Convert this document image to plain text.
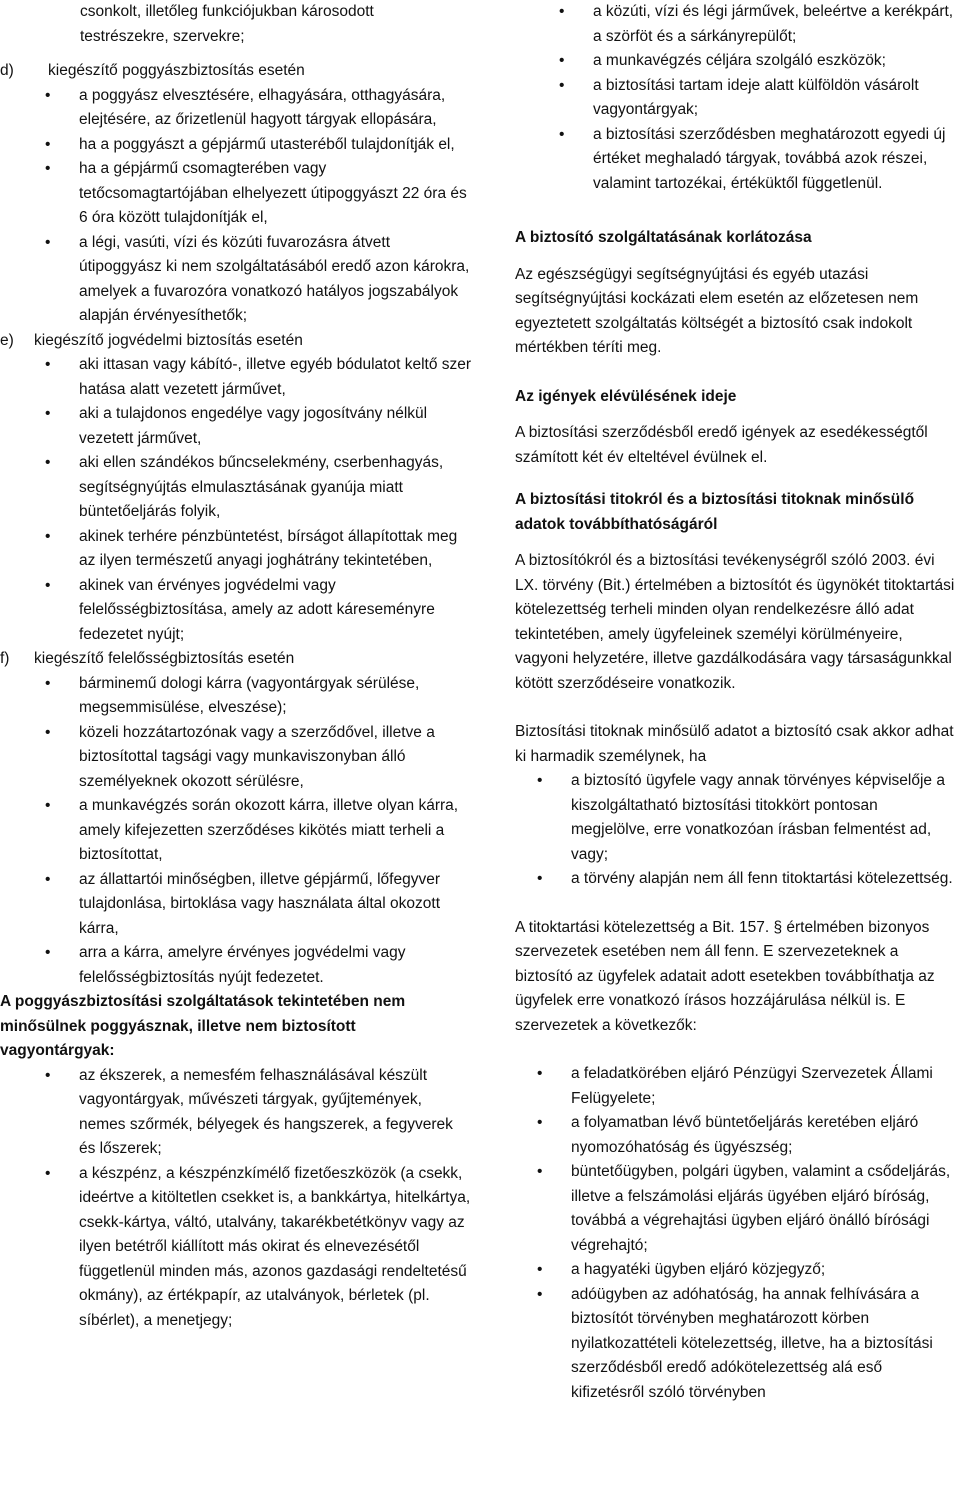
csonkolt, illetőleg funkciójukban károsodott
testrészekre, szervekre;
d)	kiegészítő poggyászbiztosítás esetén
• a poggyász elvesztésére, elhagyására, otthagyására, elejtésére, az őrizetlenül hagyott tárgyak ellopására,
• ha a poggyászt a gépjármű utasteréből tulajdonítják el,
• ha a gépjármű csomagterében vagy tetőcsomagtartójában elhelyezett útipoggyászt 22 óra és 6 óra között tulajdonítják el,
• a légi, vasúti, vízi és közúti fuvarozásra átvett útipoggyász ki nem szolgáltatásából eredő azon károkra, amelyek a fuvarozóra vonatkozó hatályos jogszabályok alapján érvényesíthetők;
e)	kiegészítő jogvédelmi biztosítás esetén
• aki ittasan vagy kábító-, illetve egyéb bódulatot keltő szer hatása alatt vezetett járművet,
• aki a tulajdonos engedélye vagy jogosítvány nélkül vezetett járművet,
• aki ellen szándékos bűncselekmény, cserbenhagyás, segítségnyújtás elmulasztásának gyanúja miatt büntetőeljárás folyik,
• akinek terhére pénzbüntetést, bírságot állapítottak meg az ilyen természetű anyagi joghátrány tekintetében,
• akinek van érvényes jogvédelmi vagy felelősségbiztosítása, amely az adott káreseményre fedezetet nyújt;
f)	kiegészítő felelősségbiztosítás esetén
• bárminemű dologi kárra (vagyontárgyak sérülése, megsemmisülése, elveszése);
• közeli hozzátartozónak vagy a szerződővel, illetve a biztosítottal tagsági vagy munkaviszonyban álló személyeknek okozott sérülésre,
• a munkavégzés során okozott kárra, illetve olyan kárra, amely kifejezetten szerződéses kikötés miatt terheli a biztosítottat,
• az állattartói minőségben, illetve gépjármű, lőfegyver tulajdonlása, birtoklása vagy használata által okozott kárra,
• arra a kárra, amelyre érvényes jogvédelmi vagy felelősségbiztosítás nyújt fedezetet.
A poggyászbiztosítási szolgáltatások tekintetében nem minősülnek poggyásznak, illetve nem biztosított vagyontárgyak:
• az ékszerek, a nemesfém felhasználásával készült vagyontárgyak, művészeti tárgyak, gyűjtemények, nemes szőrmék, bélyegek és hangszerek, a fegyverek és lőszerek;
• a készpénz, a készpénzkímélő fizetőeszközök (a csekk, ideértve a kitöltetlen csekket is, a bankkártya, hitelkártya, csekk-kártya, váltó, utalvány, takarékbetétkönyv vagy az ilyen betétről kiállított más okirat és elnevezésétől függetlenül minden más, azonos gazdasági rendeltetésű okmány), az értékpapír, az utalványok, bérletek (pl. síbérlet), a menetjegy;
• a közúti, vízi és légi járművek, beleértve a kerékpárt, a szörföt és a sárkányrepülőt;
• a munkavégzés céljára szolgáló eszközök;
• a biztosítási tartam ideje alatt külföldön vásárolt vagyontárgyak;
• a biztosítási szerződésben meghatározott egyedi új értéket meghaladó tárgyak, továbbá azok részei, valamint tartozékai, értéküktől függetlenül.
A biztosító szolgáltatásának korlátozása

Az egészségügyi segítségnyújtási és egyéb utazási segítségnyújtási kockázati elem esetén az előzetesen nem egyeztetett szolgáltatás költségét a biztosító csak indokolt mértékben téríti meg.

Az igények elévülésének ideje

A biztosítási szerződésből eredő igények az esedékességtől számított két év elteltével évülnek el.

A biztosítási titokról és a biztosítási titoknak minősülő adatok továbbíthatóságáról

A biztosítókról és a biztosítási tevékenységről szóló 2003. évi LX. törvény (Bit.) értelmében a biztosítót és ügynökét titoktartási kötelezettség terheli minden olyan rendelkezésre álló adat tekintetében, amely ügyfeleinek személyi körülményeire, vagyoni helyzetére, illetve gazdálkodására vagy társaságunkkal kötött szerződéseire vonatkozik.

Biztosítási titoknak minősülő adatot a biztosító csak akkor adhat ki harmadik személynek, ha

• a biztosító ügyfele vagy annak törvényes képviselője a kiszolgáltatható biztosítási titokkört pontosan megjelölve, erre vonatkozóan írásban felmentést ad, vagy;
• a törvény alapján nem áll fenn titoktartási kötelezettség.

A titoktartási kötelezettség a Bit. 157. § értelmében bizonyos szervezetek esetében nem áll fenn. E szervezeteknek a biztosító az ügyfelek adatait adott esetekben továbbíthatja az ügyfelek erre vonatkozó írásos hozzájárulása nélkül is. E szervezetek a következők:

• a feladatkörében eljáró Pénzügyi Szervezetek Állami Felügyelete;
• a folyamatban lévő büntetőeljárás keretében eljáró nyomozóhatóság és ügyészség;
• büntetőügyben, polgári ügyben, valamint a csődeljárás, illetve a felszámolási eljárás ügyében eljáró bíróság, továbbá a végrehajtási ügyben eljáró önálló bírósági végrehajtó;
• a hagyatéki ügyben eljáró közjegyző;
• adóügyben az adóhatóság, ha annak felhívására a biztosítót törvényben meghatározott körben nyilatkozattételi kötelezettség, illetve, ha a biztosítási szerződésből eredő adókötelezettség alá eső kifizetésről szóló törvényben
